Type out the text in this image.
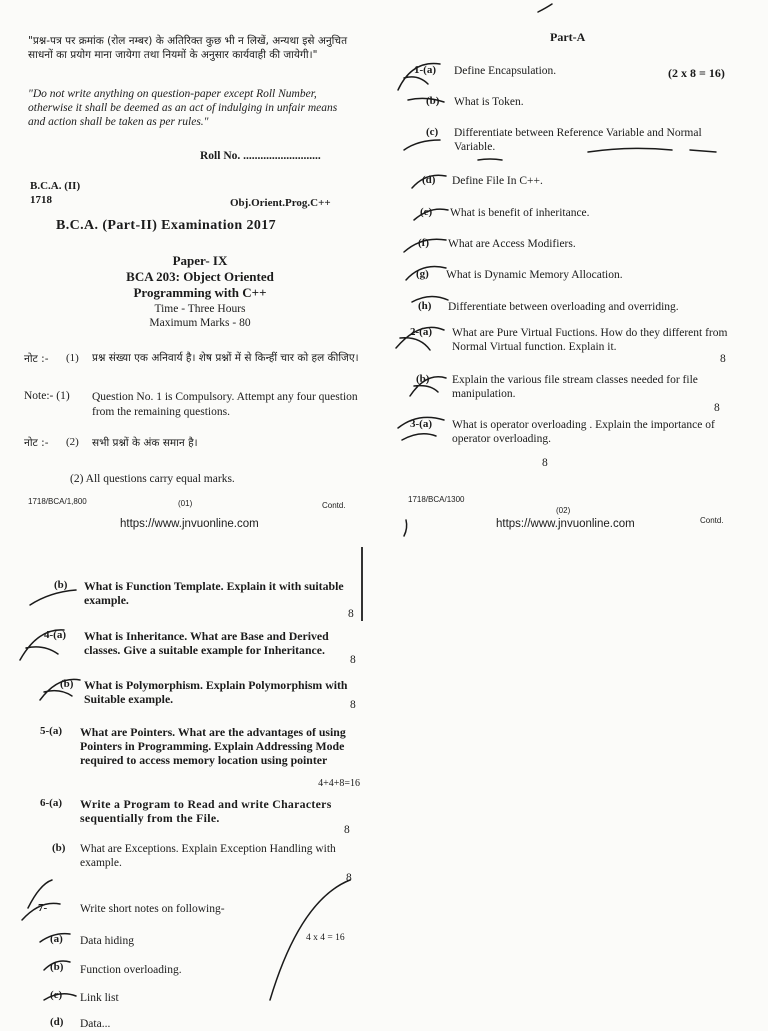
"प्रश्न-पत्र पर क्रमांक (रोल नम्बर) के अतिरिक्त कुछ भी न लिखें, अन्यथा इसे अनुचित साधनों का प्रयोग माना जायेगा तथा नियमों के अनुसार कार्यवाही की जायेगी।"
"Do not write anything on question-paper except Roll Number, otherwise it shall be deemed as an act of indulging in unfair means and action shall be taken as per rules."
Roll No. ...........................
B.C.A. (II)
1718	Obj.Orient.Prog.C++
B.C.A. (Part-II) Examination 2017
Paper- IX
BCA 203: Object Oriented
Programming with C++
Time - Three Hours
Maximum Marks - 80
नोट :- (1) प्रश्न संख्या एक अनिवार्य है। शेष प्रश्नों में से किन्हीं चार को हल कीजिए।
Note:- (1) Question No. 1 is Compulsory. Attempt any four question from the remaining questions.
नोट :- (2) सभी प्रश्नों के अंक समान है।
(2) All questions carry equal marks.
1718/BCA/1,800	(01)	Contd.
https://www.jnvuonline.com
Part-A
(2 x 8 = 16)
1-(a) Define Encapsulation.
(b) What is Token.
(c) Differentiate between Reference Variable and Normal Variable.
(d) Define File In C++.
(e) What is benefit of inheritance.
(f) What are Access Modifiers.
(g) What is Dynamic Memory Allocation.
(h) Differentiate between overloading and overriding.
2-(a) What are Pure Virtual Fuctions. How do they different from Normal Virtual function. Explain it.
8
(b) Explain the various file stream classes needed for file manipulation.
8
3-(a) What is operator overloading . Explain the importance of operator overloading.
8
1718/BCA/1300
(02)
Contd.
https://www.jnvuonline.com
(b) What is Function Template. Explain it with suitable example.
8
4-(a) What is Inheritance. What are Base and Derived classes. Give a suitable example for Inheritance.
8
(b) What is Polymorphism. Explain Polymorphism with Suitable example.	8
5-(a) What are Pointers. What are the advantages of using Pointers in Programming. Explain Addressing Mode required to access memory location using pointer
4+4+8=16
6-(a) Write a Program to Read and write Characters sequentially from the File.
8
(b) What are Exceptions. Explain Exception Handling with example.
8
7-	Write short notes on following-
4 x 4 = 16
(a) Data hiding
(b) Function overloading.
(c) Link list
(d) Data...
